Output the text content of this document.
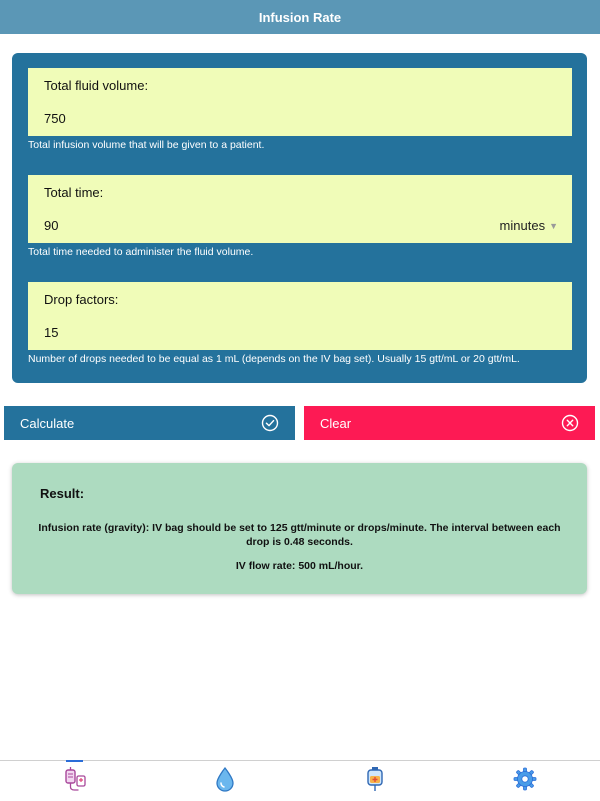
Infusion Rate
Total fluid volume:
750
Total infusion volume that will be given to a patient.
Total time:
90
minutes ▼
Total time needed to administer the fluid volume.
Drop factors:
15
Number of drops needed to be equal as 1 mL (depends on the IV bag set). Usually 15 gtt/mL or 20 gtt/mL.
Calculate	Clear
Result:
Infusion rate (gravity): IV bag should be set to 125 gtt/minute or drops/minute. The interval between each drop is 0.48 seconds.
IV flow rate: 500 mL/hour.
